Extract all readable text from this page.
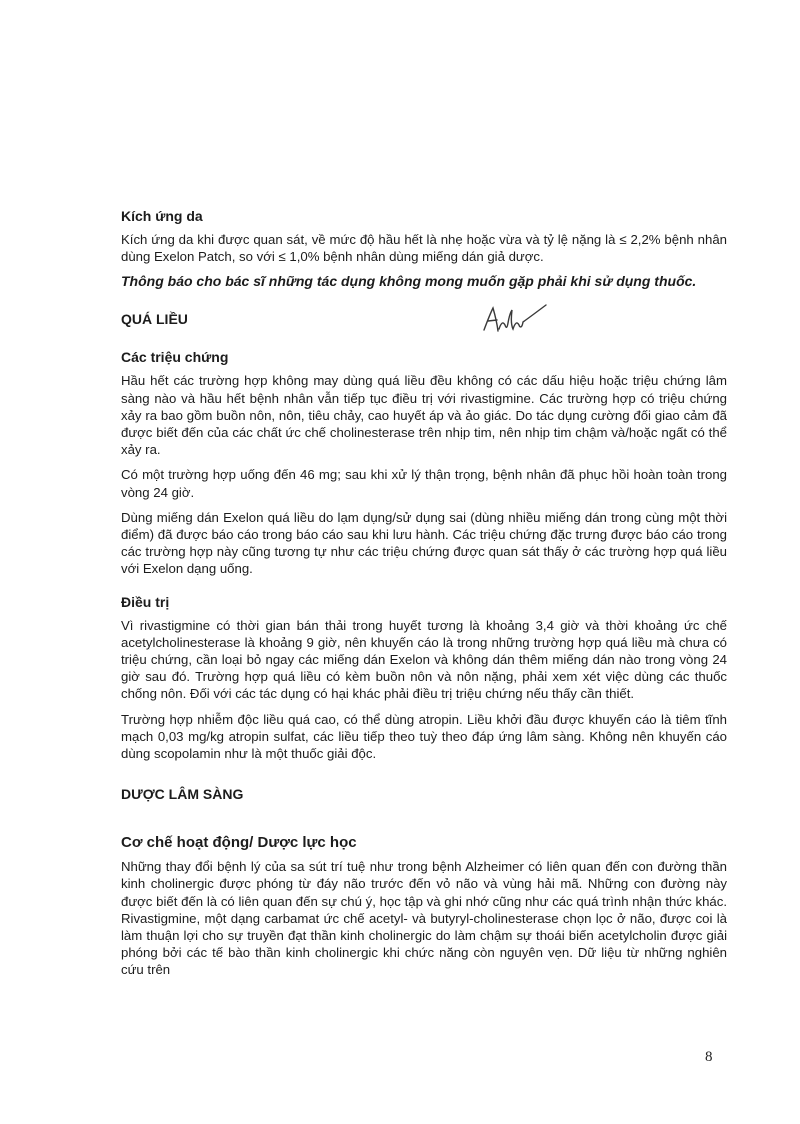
Kích ứng da

Kích ứng da khi được quan sát, về mức độ hầu hết là nhẹ hoặc vừa và tỷ lệ nặng là ≤ 2,2% bệnh nhân dùng Exelon Patch, so với ≤ 1,0% bệnh nhân dùng miếng dán giả dược.

Thông báo cho bác sĩ những tác dụng không mong muốn gặp phải khi sử dụng thuốc.
QUÁ LIỀU
Các triệu chứng

Hầu hết các trường hợp không may dùng quá liều đều không có các dấu hiệu hoặc triệu chứng lâm sàng nào và hầu hết bệnh nhân vẫn tiếp tục điều trị với rivastigmine. Các trường hợp có triệu chứng xảy ra bao gồm buồn nôn, nôn, tiêu chảy, cao huyết áp và ảo giác. Do tác dụng cường đối giao cảm đã được biết đến của các chất ức chế cholinesterase trên nhịp tim, nên nhịp tim chậm và/hoặc ngất có thể xảy ra.

Có một trường hợp uống đến 46 mg; sau khi xử lý thận trọng, bệnh nhân đã phục hồi hoàn toàn trong vòng 24 giờ.

Dùng miếng dán Exelon quá liều do lạm dụng/sử dụng sai (dùng nhiều miếng dán trong cùng một thời điểm) đã được báo cáo trong báo cáo sau khi lưu hành. Các triệu chứng đặc trưng được báo cáo trong các trường hợp này cũng tương tự như các triệu chứng được quan sát thấy ở các trường hợp quá liều với Exelon dạng uống.

Điều trị

Vì rivastigmine có thời gian bán thải trong huyết tương là khoảng 3,4 giờ và thời khoảng ức chế acetylcholinesterase là khoảng 9 giờ, nên khuyến cáo là trong những trường hợp quá liều mà chưa có triệu chứng, cần loại bỏ ngay các miếng dán Exelon và không dán thêm miếng dán nào trong vòng 24 giờ sau đó. Trường hợp quá liều có kèm buồn nôn và nôn nặng, phải xem xét việc dùng các thuốc chống nôn. Đối với các tác dụng có hại khác phải điều trị triệu chứng nếu thấy cần thiết.

Trường hợp nhiễm độc liều quá cao, có thể dùng atropin. Liều khởi đầu được khuyến cáo là tiêm tĩnh mạch 0,03 mg/kg atropin sulfat, các liều tiếp theo tuỳ theo đáp ứng lâm sàng. Không nên khuyến cáo dùng scopolamin như là một thuốc giải độc.

DƯỢC LÂM SÀNG
Cơ chế hoạt động/ Dược lực học

Những thay đổi bệnh lý của sa sút trí tuệ như trong bệnh Alzheimer có liên quan đến con đường thần kinh cholinergic được phóng từ đáy não trước đến vỏ não và vùng hải mã. Những con đường này được biết đến là có liên quan đến sự chú ý, học tập và ghi nhớ cũng như các quá trình nhận thức khác. Rivastigmine, một dạng carbamat ức chế acetyl- và butyryl-cholinesterase chọn lọc ở não, được coi là làm thuận lợi cho sự truyền đạt thần kinh cholinergic do làm chậm sự thoái biến acetylcholin được giải phóng bởi các tế bào thần kinh cholinergic khi chức năng còn nguyên vẹn. Dữ liệu từ những nghiên cứu trên

8
